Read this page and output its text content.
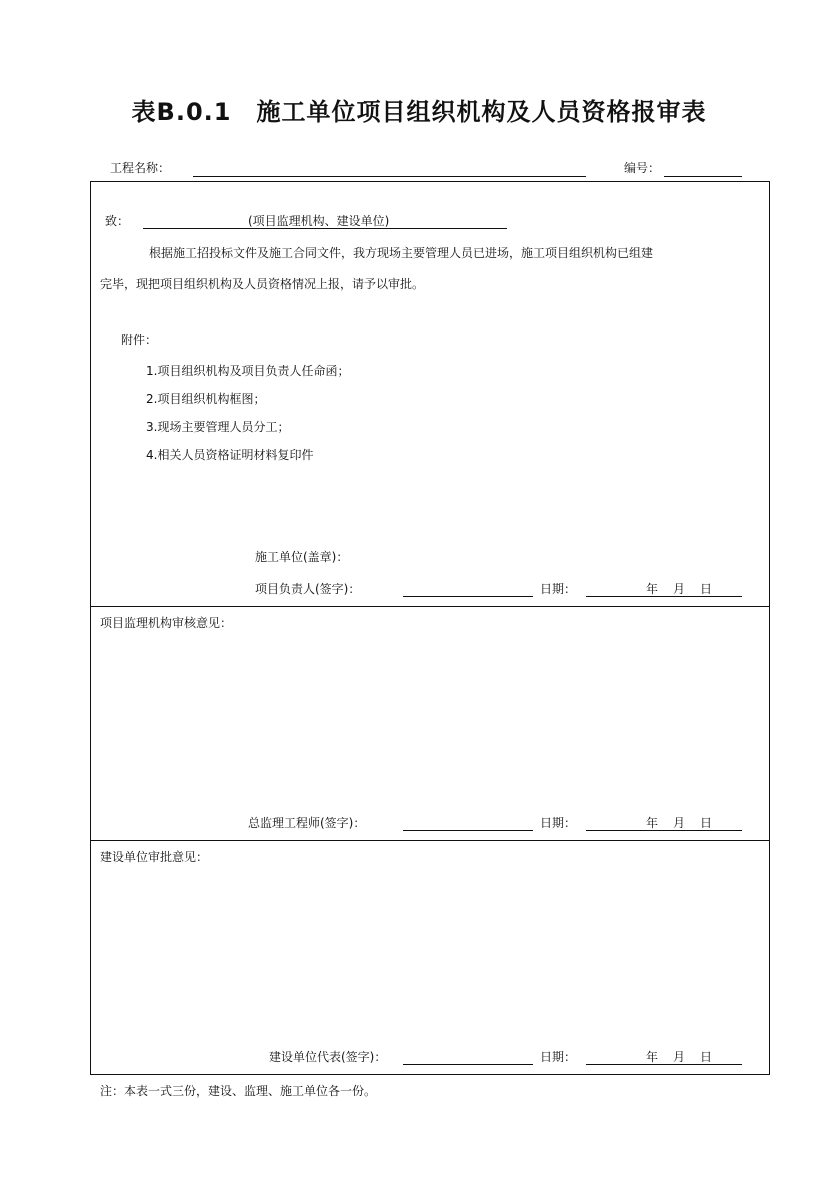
表B.0.1　施工单位项目组织机构及人员资格报审表
工程名称：	编号：
致：	(项目监理机构、建设单位)
根据施工招投标文件及施工合同文件，我方现场主要管理人员已进场，施工项目组织机构已组建
完毕，现把项目组织机构及人员资格情况上报，请予以审批。
附件：
1.项目组织机构及项目负责人任命函；
2.项目组织机构框图；
3.现场主要管理人员分工；
4.相关人员资格证明材料复印件
施工单位(盖章)：
项目负责人(签字)：	日期：	年 月 日
项目监理机构审核意见：
总监理工程师(签字)：	日期：	年 月 日
建设单位审批意见：
建设单位代表(签字)：	日期：	年 月 日
注：本表一式三份，建设、监理、施工单位各一份。
